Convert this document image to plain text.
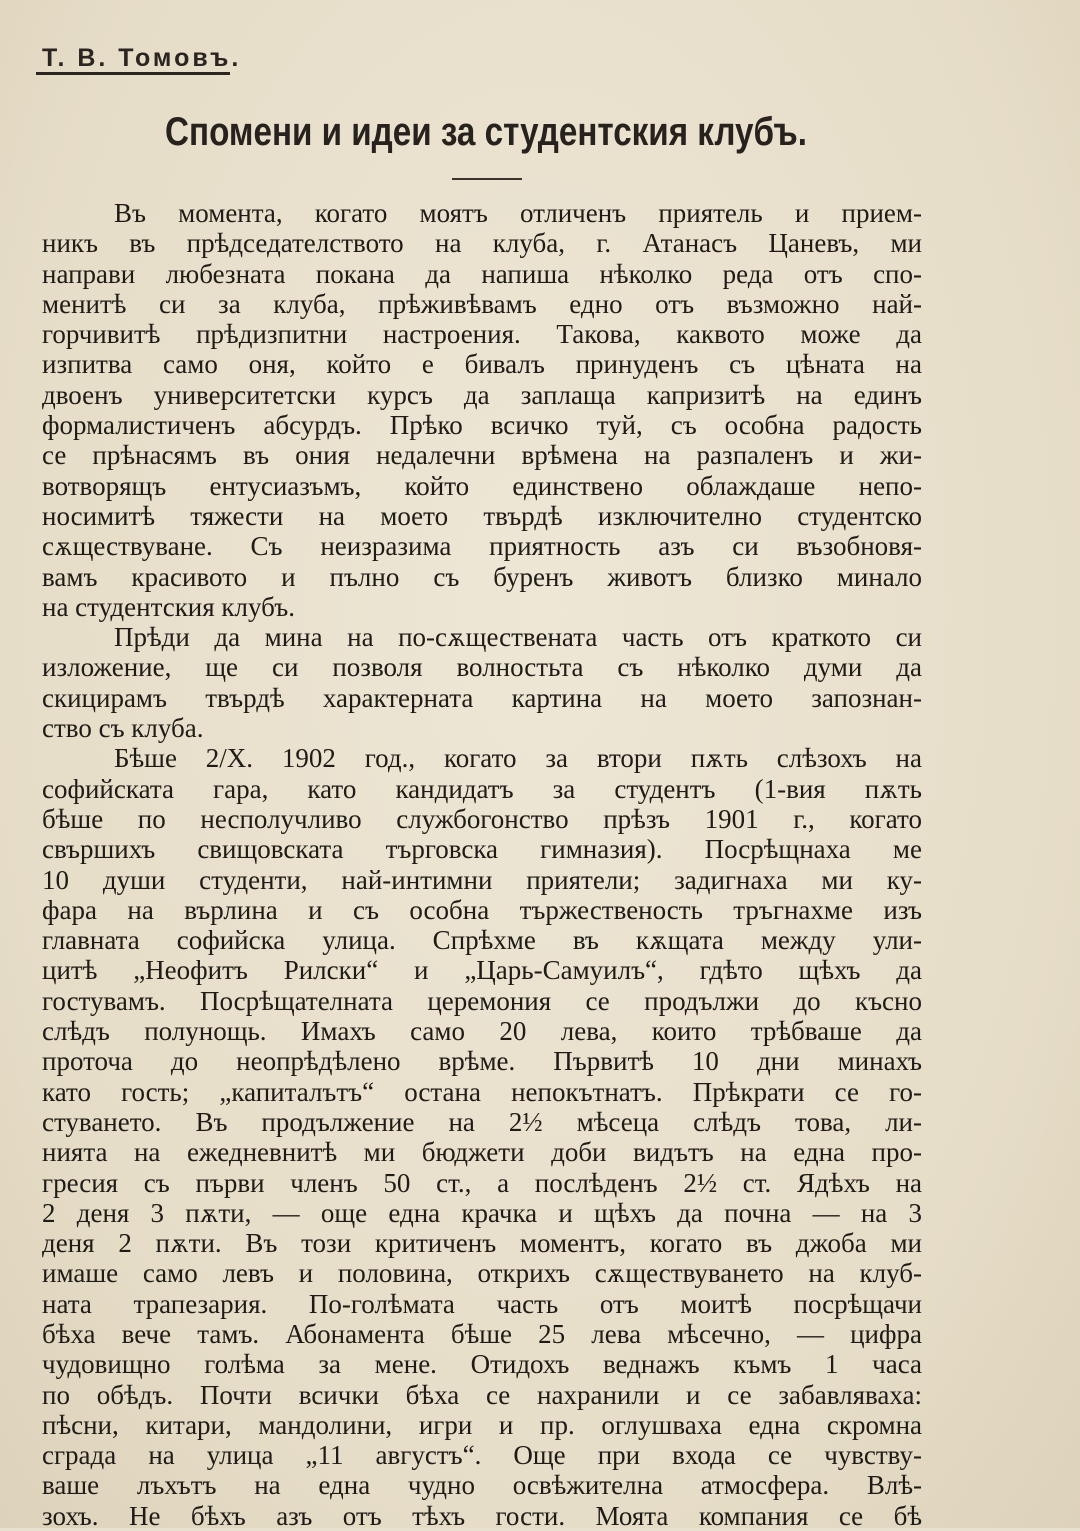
Т. В. Томовъ.
Спомени и идеи за студентския клубъ.
Въ момента, когато моятъ отличенъ приятель и прием-
никъ въ прѣдседателството на клуба, г. Атанасъ Цаневъ, ми
направи любезната покана да напиша нѣколко реда отъ спо-
менитѣ си за клуба, прѣживѣвамъ едно отъ възможно най-
горчивитѣ прѣдизпитни настроения. Такова, каквото може да
изпитва само оня, който е бивалъ принуденъ съ цѣната на
двоенъ университетски курсъ да заплаща капризитѣ на единъ
формалистиченъ абсурдъ. Прѣко всичко туй, съ особна радость
се прѣнасямъ въ ония недалечни врѣмена на разпаленъ и жи-
вотворящъ ентусиазъмъ, който единствено облаждаше непо-
носимитѣ тяжести на моето твърдѣ изключително студентско
сѫществуване. Съ неизразима приятность азъ си възобновя-
вамъ красивото и пълно съ буренъ животъ близко минало
на студентския клубъ.
Прѣди да мина на по-сѫществената часть отъ краткото си
изложение, ще си позволя волностьта съ нѣколко думи да
скицирамъ твърдѣ характерната картина на моето запознан-
ство съ клуба.
Бѣше 2/X. 1902 год., когато за втори пѫть слѣзохъ на
софийската гара, като кандидатъ за студентъ (1-вия пѫть
бѣше по несполучливо службогонство прѣзъ 1901 г., когато
свършихъ свищовската търговска гимназия). Посрѣщнаха ме
10 души студенти, най-интимни приятели; задигнаха ми ку-
фара на върлина и съ особна тържественость тръгнахме изъ
главната софийска улица. Спрѣхме въ кѫщата между ули-
цитѣ „Неофитъ Рилски“ и „Царь-Самуилъ“, гдѣто щѣхъ да
гостувамъ. Посрѣщателната церемония се продължи до късно
слѣдъ полунощь. Имахъ само 20 лева, които трѣбваше да
проточа до неопрѣдѣлено врѣме. Първитѣ 10 дни минахъ
като гость; „капиталътъ“ остана непокътнатъ. Прѣкрати се го-
стуването. Въ продължение на 2½ мѣсеца слѣдъ това, ли-
нията на ежедневнитѣ ми бюджети доби видътъ на една про-
гресия съ първи членъ 50 ст., а послѣденъ 2½ ст. Ядѣхъ на
2 деня 3 пѫти, — още една крачка и щѣхъ да почна — на 3
деня 2 пѫти. Въ този критиченъ моментъ, когато въ джоба ми
имаше само левъ и половина, открихъ сѫществуването на клуб-
ната трапезария. По-голѣмата часть отъ моитѣ посрѣщачи
бѣха вече тамъ. Абонамента бѣше 25 лева мѣсечно, — цифра
чудовищно голѣма за мене. Отидохъ веднажъ къмъ 1 часа
по обѣдъ. Почти всички бѣха се нахранили и се забавляваха:
пѣсни, китари, мандолини, игри и пр. оглушваха една скромна
сграда на улица „11 августъ“. Още при входа се чувству-
ваше лъхътъ на една чудно освѣжителна атмосфера. Влѣ-
зохъ. Не бѣхъ азъ отъ тѣхъ гости. Моята компания се бѣ
